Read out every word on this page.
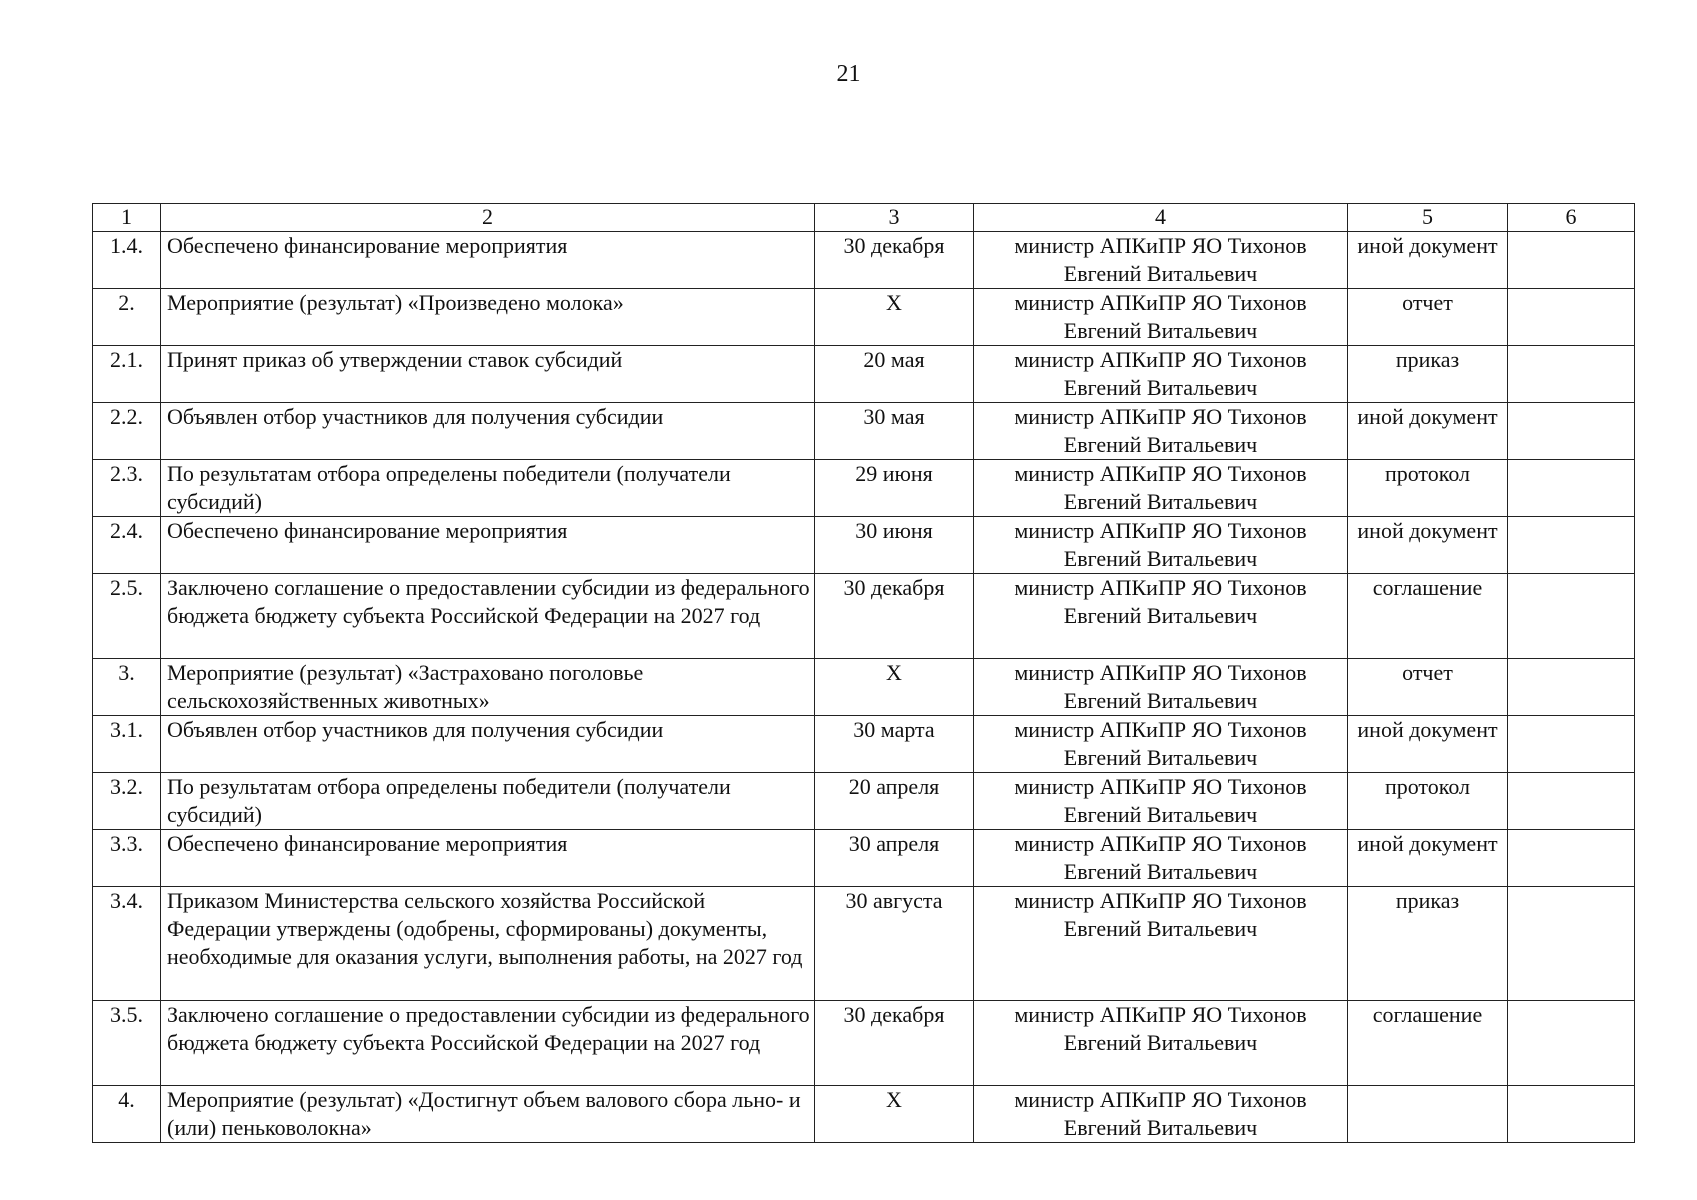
21
1	2	3	4	5	6
1.4.	Обеспечено финансирование мероприятия	30 декабря	министр АПКиПР ЯО Тихонов Евгений Витальевич	иной документ	
2.	Мероприятие (результат) «Произведено молока»	X	министр АПКиПР ЯО Тихонов Евгений Витальевич	отчет	
2.1.	Принят приказ об утверждении ставок субсидий	20 мая	министр АПКиПР ЯО Тихонов Евгений Витальевич	приказ	
2.2.	Объявлен отбор участников для получения субсидии	30 мая	министр АПКиПР ЯО Тихонов Евгений Витальевич	иной документ	
2.3.	По результатам отбора определены победители (получатели субсидий)	29 июня	министр АПКиПР ЯО Тихонов Евгений Витальевич	протокол	
2.4.	Обеспечено финансирование мероприятия	30 июня	министр АПКиПР ЯО Тихонов Евгений Витальевич	иной документ	
2.5.	Заключено соглашение о предоставлении субсидии из федерального бюджета бюджету субъекта Российской Федерации на 2027 год	30 декабря	министр АПКиПР ЯО Тихонов Евгений Витальевич	соглашение	
3.	Мероприятие (результат) «Застраховано поголовье сельскохозяйственных животных»	X	министр АПКиПР ЯО Тихонов Евгений Витальевич	отчет	
3.1.	Объявлен отбор участников для получения субсидии	30 марта	министр АПКиПР ЯО Тихонов Евгений Витальевич	иной документ	
3.2.	По результатам отбора определены победители (получатели субсидий)	20 апреля	министр АПКиПР ЯО Тихонов Евгений Витальевич	протокол	
3.3.	Обеспечено финансирование мероприятия	30 апреля	министр АПКиПР ЯО Тихонов Евгений Витальевич	иной документ	
3.4.	Приказом Министерства сельского хозяйства Российской Федерации утверждены (одобрены, сформированы) документы, необходимые для оказания услуги, выполнения работы, на 2027 год	30 августа	министр АПКиПР ЯО Тихонов Евгений Витальевич	приказ	
3.5.	Заключено соглашение о предоставлении субсидии из федерального бюджета бюджету субъекта Российской Федерации на 2027 год	30 декабря	министр АПКиПР ЯО Тихонов Евгений Витальевич	соглашение	
4.	Мероприятие (результат) «Достигнут объем валового сбора льно- и (или) пеньковолокна»	X	министр АПКиПР ЯО Тихонов Евгений Витальевич		
